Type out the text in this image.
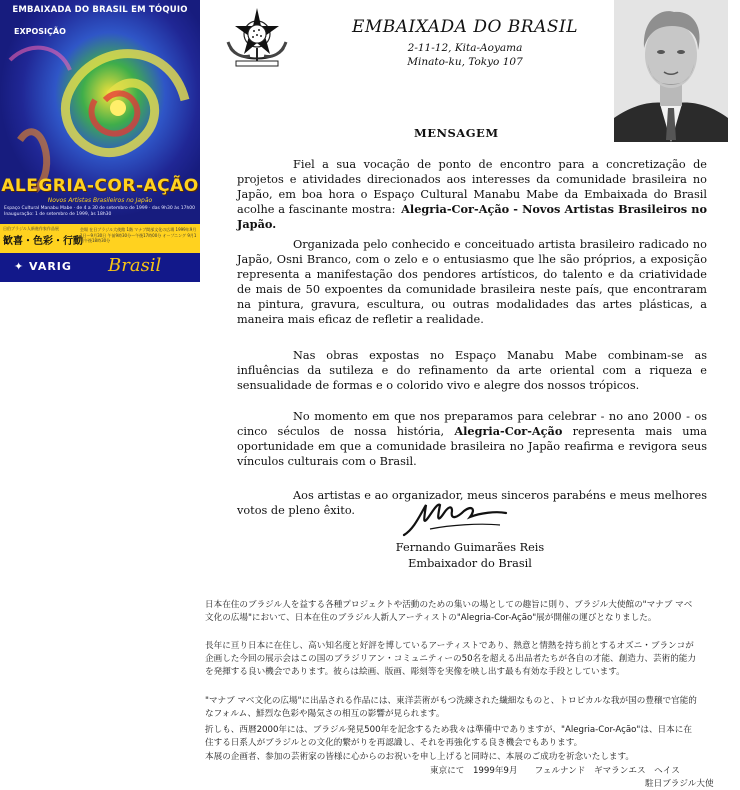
EMBAIXADA DO BRASIL EM TÓQUIO
EXPOSIÇÃO
ALEGRIA-COR-AÇÃO
Novos Artistas Brasileiros no Japão
Espaço Cultural Manabu Mabe · de 4 a 30 de setembro de 1999 · das 9h30 às 17h00
Inauguração: 1 de setembro de 1999, às 18h30
日伯ブラジル人新進作家作品展
歓喜・色彩・行動
会場 在日ブラジル大使館 1階 マナブ間部文化の広場 1999年9月1日〜9月30日 午前9時30分〜午後17時00分 オープニング 9月1日午後18時30分
✦ VARIG Brasil
EMBAIXADA DO BRASIL
2-11-12, Kita-Aoyama
Minato-ku, Tokyo 107
MENSAGEM

Fiel a sua vocação de ponto de encontro para a concretização de projetos e atividades direcionados aos interesses da comunidade brasileira no Japão, em boa hora o Espaço Cultural Manabu Mabe da Embaixada do Brasil acolhe a fascinante mostra: Alegria-Cor-Ação - Novos Artistas Brasileiros no Japão.

Organizada pelo conhecido e conceituado artista brasileiro radicado no Japão, Osni Branco, com o zelo e o entusiasmo que lhe são próprios, a exposição representa a manifestação dos pendores artísticos, do talento e da criatividade de mais de 50 expoentes da comunidade brasileira neste país, que encontraram na pintura, gravura, escultura, ou outras modalidades das artes plásticas, a maneira mais eficaz de refletir a realidade.

Nas obras expostas no Espaço Manabu Mabe combinam-se as influências da sutileza e do refinamento da arte oriental com a riqueza e sensualidade de formas e o colorido vivo e alegre dos nossos trópicos.

No momento em que nos preparamos para celebrar - no ano 2000 - os cinco séculos de nossa história, Alegria-Cor-Ação representa mais uma oportunidade em que a comunidade brasileira no Japão reafirma e revigora seus vínculos culturais com o Brasil.

Aos artistas e ao organizador, meus sinceros parabéns e meus melhores votos de pleno êxito.

Fernando Guimarães Reis
Embaixador do Brasil

日本在住のブラジル人を益する各種プロジェクトや活動のための集いの場としての趣旨に則り、ブラジル大使館の"マナブ マベ文化の広場"において、日本在住のブラジル人新人アーティストの"Alegria-Cor-Ação"展が開催の運びとなりました。

長年に亘り日本に在住し、高い知名度と好評を博しているアーティストであり、熱意と情熱を持ち前とするオズニ・ブランコが企画した今回の展示会はこの国のブラジリアン・コミュニティーの50名を超える出品者たちが各自の才能、創造力、芸術的能力を発揮する良い機会であります。彼らは絵画、版画、彫刻等を実像を映し出す最も有効な手段としています。

"マナブ マベ文化の広場"に出品される作品には、東洋芸術がもつ洗練された繊細なものと、トロピカルな我が国の豊穣で官能的なフォルム、鮮烈な色彩や陽気さの相互の影響が見られます。

折しも、西暦2000年には、ブラジル発見500年を記念するため我々は準備中でありますが、"Alegria-Cor-Ação"は、日本に在住する日系人がブラジルとの文化的繋がりを再認識し、それを再強化する良き機会でもあります。

本展の企画者、参加の芸術家の皆様に心からのお祝いを申し上げると同時に、本展のご成功を祈念いたします。

東京にて　1999年9月　　フェルナンド　ギマランエス　ヘイス
駐日ブラジル大使
